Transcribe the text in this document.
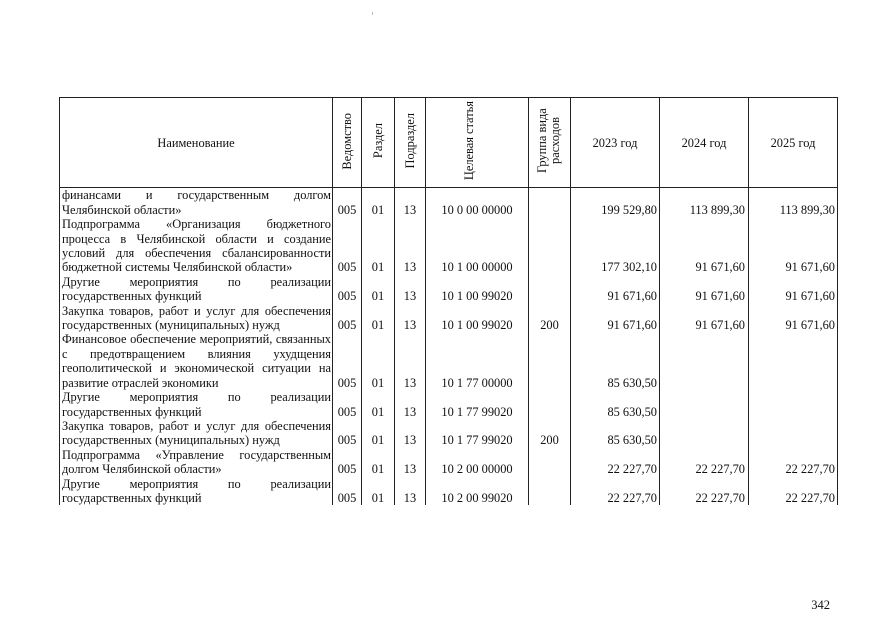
Наименование	Ведомство	Раздел	Подраздел	Целевая статья	Группа вида расходов	2023 год	2024 год	2025 год
финансами и государственным долгом Челябинской области»	005	01	13	10 0 00 00000		199 529,80	113 899,30	113 899,30
Подпрограмма «Организация бюджетного процесса в Челябинской области и создание условий для обеспечения сбалансированности бюджетной системы Челябинской области»	005	01	13	10 1 00 00000		177 302,10	91 671,60	91 671,60
Другие мероприятия по реализации государственных функций	005	01	13	10 1 00 99020		91 671,60	91 671,60	91 671,60
Закупка товаров, работ и услуг для обеспечения государственных (муниципальных) нужд	005	01	13	10 1 00 99020	200	91 671,60	91 671,60	91 671,60
Финансовое обеспечение мероприятий, связанных с предотвращением влияния ухудщения геополитической и экономической ситуации на развитие отраслей экономики	005	01	13	10 1 77 00000		85 630,50		
Другие мероприятия по реализации государственных функций	005	01	13	10 1 77 99020		85 630,50		
Закупка товаров, работ и услуг для обеспечения государственных (муниципальных) нужд	005	01	13	10 1 77 99020	200	85 630,50		
Подпрограмма «Управление государственным долгом Челябинской области»	005	01	13	10 2 00 00000		22 227,70	22 227,70	22 227,70
Другие мероприятия по реализации государственных функций	005	01	13	10 2 00 99020		22 227,70	22 227,70	22 227,70
342
